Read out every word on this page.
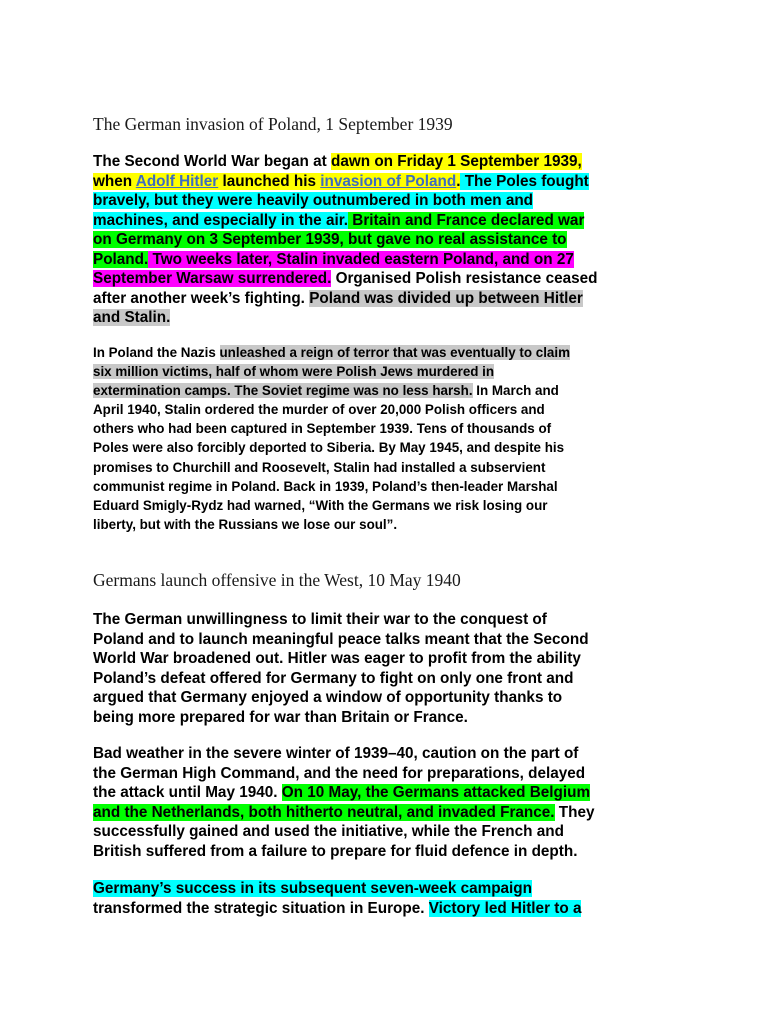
The German invasion of Poland, 1 September 1939

The Second World War began at dawn on Friday 1 September 1939,
when Adolf Hitler launched his invasion of Poland. The Poles fought
bravely, but they were heavily outnumbered in both men and
machines, and especially in the air. Britain and France declared war
on Germany on 3 September 1939, but gave no real assistance to
Poland. Two weeks later, Stalin invaded eastern Poland, and on 27
September Warsaw surrendered. Organised Polish resistance ceased
after another week’s fighting. Poland was divided up between Hitler
and Stalin.

In Poland the Nazis unleashed a reign of terror that was eventually to claim
six million victims, half of whom were Polish Jews murdered in
extermination camps. The Soviet regime was no less harsh. In March and
April 1940, Stalin ordered the murder of over 20,000 Polish officers and
others who had been captured in September 1939. Tens of thousands of
Poles were also forcibly deported to Siberia. By May 1945, and despite his
promises to Churchill and Roosevelt, Stalin had installed a subservient
communist regime in Poland. Back in 1939, Poland’s then-leader Marshal
Eduard Smigly-Rydz had warned, “With the Germans we risk losing our
liberty, but with the Russians we lose our soul”.

Germans launch offensive in the West, 10 May 1940

The German unwillingness to limit their war to the conquest of
Poland and to launch meaningful peace talks meant that the Second
World War broadened out. Hitler was eager to profit from the ability
Poland’s defeat offered for Germany to fight on only one front and
argued that Germany enjoyed a window of opportunity thanks to
being more prepared for war than Britain or France.

Bad weather in the severe winter of 1939–40, caution on the part of
the German High Command, and the need for preparations, delayed
the attack until May 1940. On 10 May, the Germans attacked Belgium
and the Netherlands, both hitherto neutral, and invaded France. They
successfully gained and used the initiative, while the French and
British suffered from a failure to prepare for fluid defence in depth.

Germany’s success in its subsequent seven-week campaign
transformed the strategic situation in Europe. Victory led Hitler to a
